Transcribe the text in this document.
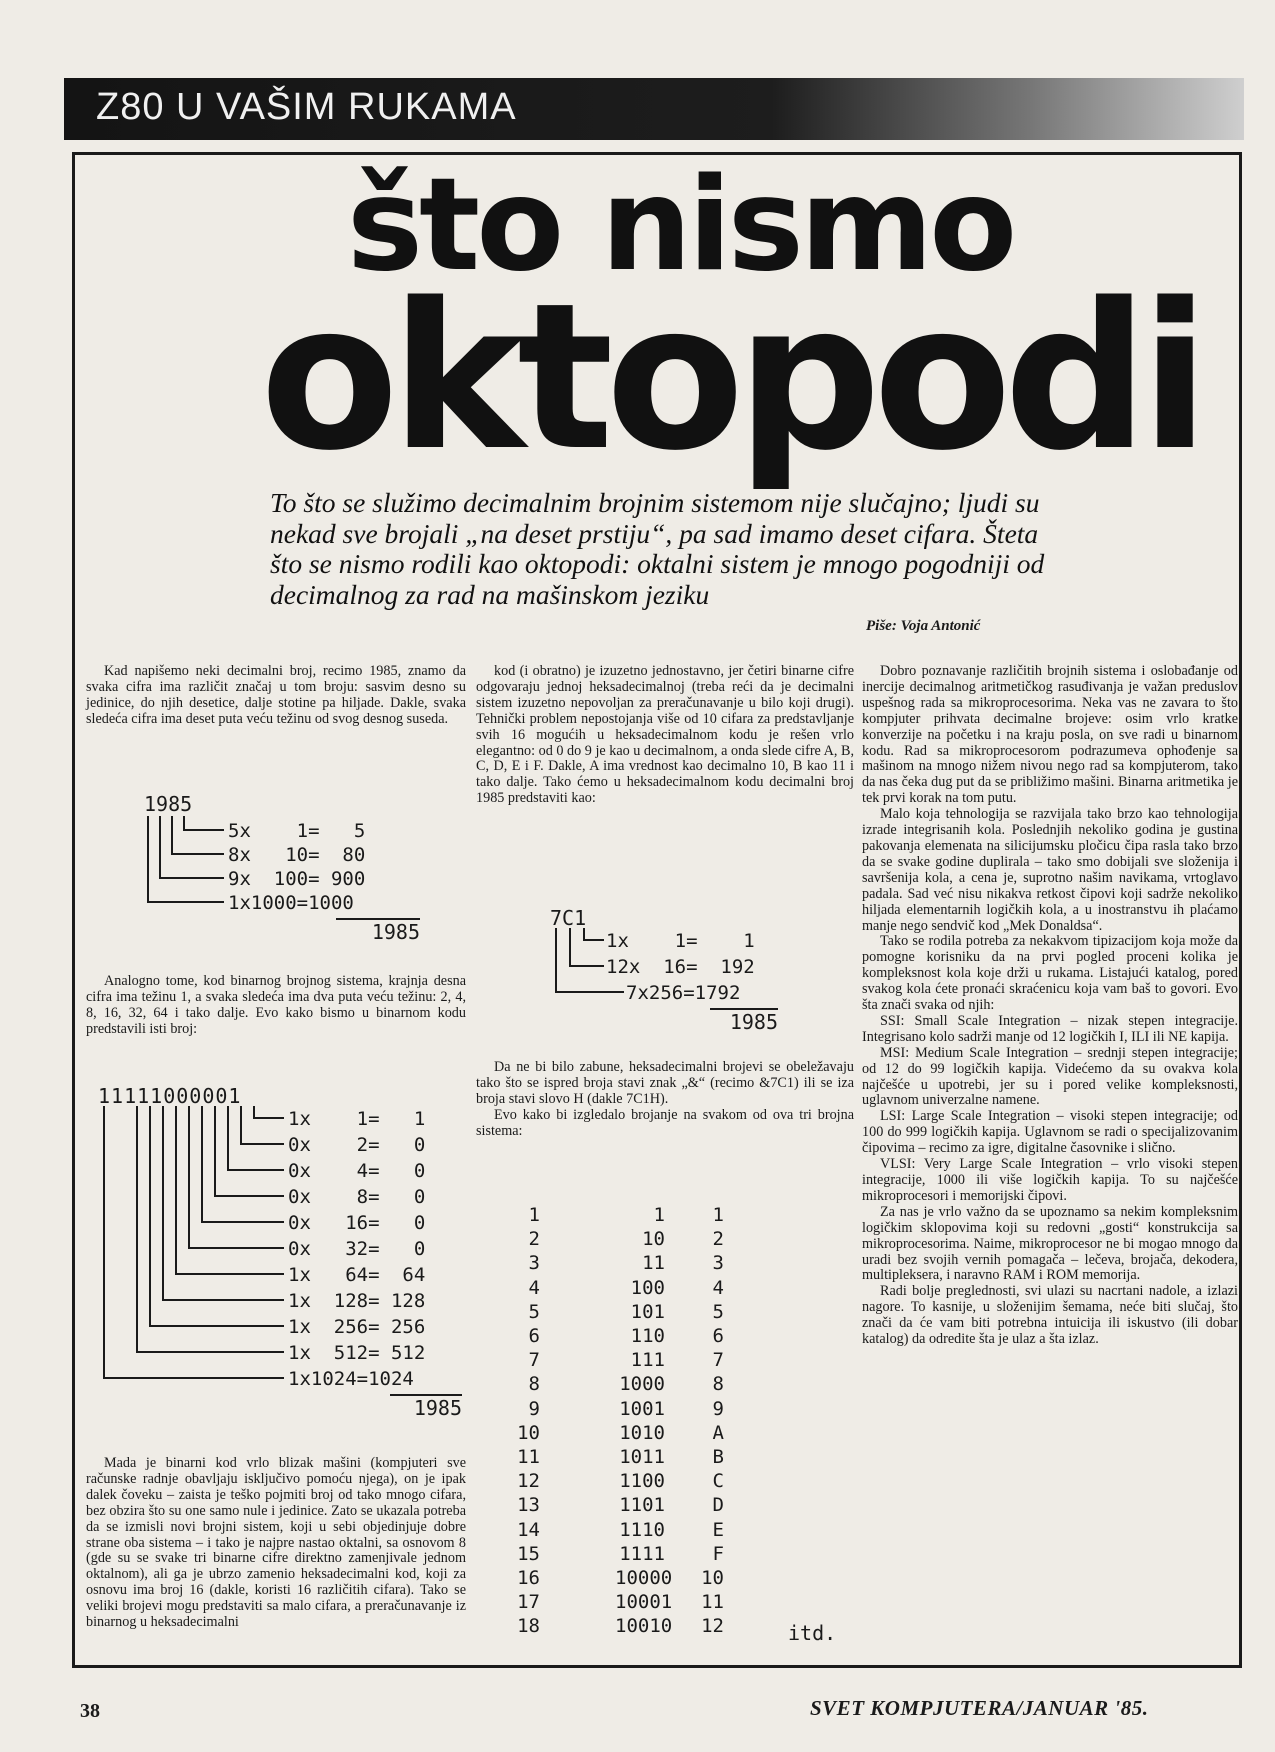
Z80 U VAŠIM RUKAMA
što nismo
oktopodi
To što se služimo decimalnim brojnim sistemom nije slučajno; ljudi su nekad sve brojali „na deset prstiju“, pa sad imamo deset cifara. Šteta što se nismo rodili kao oktopodi: oktalni sistem je mnogo pogodniji od decimalnog za rad na mašinskom jeziku
Piše: Voja Antonić

Kad napišemo neki decimalni broj, recimo 1985, znamo da svaka cifra ima različit značaj u tom broju: sasvim desno su jedinice, do njih desetice, dalje stotine pa hiljade. Dakle, svaka sledeća cifra ima deset puta veću težinu od svog desnog suseda.

1985
5x    1=   5
8x   10=  80
9x  100= 900
1x1000=1000
1985

Analogno tome, kod binarnog brojnog sistema, krajnja desna cifra ima težinu 1, a svaka sledeća ima dva puta veću težinu: 2, 4, 8, 16, 32, 64 i tako dalje. Evo kako bismo u binarnom kodu predstavili isti broj:

11111000001
1x    1=   1
0x    2=   0
0x    4=   0
0x    8=   0
0x   16=   0
0x   32=   0
1x   64=  64
1x  128= 128
1x  256= 256
1x  512= 512
1x1024=1024
1985

Mada je binarni kod vrlo blizak mašini (kompjuteri sve računske radnje obavljaju isključivo pomoću njega), on je ipak dalek čoveku – zaista je teško pojmiti broj od tako mnogo cifara, bez obzira što su one samo nule i jedinice. Zato se ukazala potreba da se izmisli novi brojni sistem, koji u sebi objedinjuje dobre strane oba sistema – i tako je najpre nastao oktalni, sa osnovom 8 (gde su se svake tri binarne cifre direktno zamenjivale jednom oktalnom), ali ga je ubrzo zamenio heksadecimalni kod, koji za osnovu ima broj 16 (dakle, koristi 16 različitih cifara). Tako se veliki brojevi mogu predstaviti sa malo cifara, a preračunavanje iz binarnog u heksadecimalni

kod (i obratno) je izuzetno jednostavno, jer četiri binarne cifre odgovaraju jednoj heksadecimalnoj (treba reći da je decimalni sistem izuzetno nepovoljan za preračunavanje u bilo koji drugi). Tehnički problem nepostojanja više od 10 cifara za predstavljanje svih 16 mogućih u heksadecimalnom kodu je rešen vrlo elegantno: od 0 do 9 je kao u decimalnom, a onda slede cifre A, B, C, D, E i F. Dakle, A ima vrednost kao decimalno 10, B kao 11 i tako dalje. Tako ćemo u heksadecimalnom kodu decimalni broj 1985 predstaviti kao:

7C1
1x    1=    1
12x  16=  192
7x256=1792
1985

Da ne bi bilo zabune, heksadecimalni brojevi se obeležavaju tako što se ispred broja stavi znak „&“ (recimo &7C1) ili se iza broja stavi slovo H (dakle 7C1H).

Evo kako bi izgledalo brojanje na svakom od ova tri brojna sistema:

1
2
3
4
5
6
7
8
9
10
11
12
13
14
15
16
17
18
1
10
11
100
101
110
111
1000
1001
1010
1011
1100
1101
1110
1111
10000
10001
10010
1
2
3
4
5
6
7
8
9
A
B
C
D
E
F
10
11
12	itd.

Dobro poznavanje različitih brojnih sistema i oslobađanje od inercije decimalnog aritmetičkog rasuđivanja je važan preduslov uspešnog rada sa mikroprocesorima. Neka vas ne zavara to što kompjuter prihvata decimalne brojeve: osim vrlo kratke konverzije na početku i na kraju posla, on sve radi u binarnom kodu. Rad sa mikroprocesorom podrazumeva ophođenje sa mašinom na mnogo nižem nivou nego rad sa kompjuterom, tako da nas čeka dug put da se približimo mašini. Binarna aritmetika je tek prvi korak na tom putu.

Malo koja tehnologija se razvijala tako brzo kao tehnologija izrade integrisanih kola. Poslednjih nekoliko godina je gustina pakovanja elemenata na silicijumsku pločicu čipa rasla tako brzo da se svake godine duplirala – tako smo dobijali sve složenija i savršenija kola, a cena je, suprotno našim navikama, vrtoglavo padala. Sad već nisu nikakva retkost čipovi koji sadrže nekoliko hiljada elementarnih logičkih kola, a u inostranstvu ih plaćamo manje nego sendvič kod „Mek Donaldsa“.

Tako se rodila potreba za nekakvom tipizacijom koja može da pomogne korisniku da na prvi pogled proceni kolika je kompleksnost kola koje drži u rukama. Listajući katalog, pored svakog kola ćete pronaći skraćenicu koja vam baš to govori. Evo šta znači svaka od njih:

SSI: Small Scale Integration – nizak stepen integracije. Integrisano kolo sadrži manje od 12 logičkih I, ILI ili NE kapija.

MSI: Medium Scale Integration – srednji stepen integracije; od 12 do 99 logičkih kapija. Videćemo da su ovakva kola najčešće u upotrebi, jer su i pored velike kompleksnosti, uglavnom univerzalne namene.

LSI: Large Scale Integration – visoki stepen integracije; od 100 do 999 logičkih kapija. Uglavnom se radi o specijalizovanim čipovima – recimo za igre, digitalne časovnike i slično.

VLSI: Very Large Scale Integration – vrlo visoki stepen integracije, 1000 ili više logičkih kapija. To su najčešće mikroprocesori i memorijski čipovi.

Za nas je vrlo važno da se upoznamo sa nekim kompleksnim logičkim sklopovima koji su redovni „gosti“ konstrukcija sa mikroprocesorima. Naime, mikroprocesor ne bi mogao mnogo da uradi bez svojih vernih pomagača – lečeva, brojača, dekodera, multipleksera, i naravno RAM i ROM memorija.

Radi bolje preglednosti, svi ulazi su nacrtani nadole, a izlazi nagore. To kasnije, u složenijim šemama, neće biti slučaj, što znači da će vam biti potrebna intuicija ili iskustvo (ili dobar katalog) da odredite šta je ulaz a šta izlaz.

38	SVET KOMPJUTERA/JANUAR '85.
